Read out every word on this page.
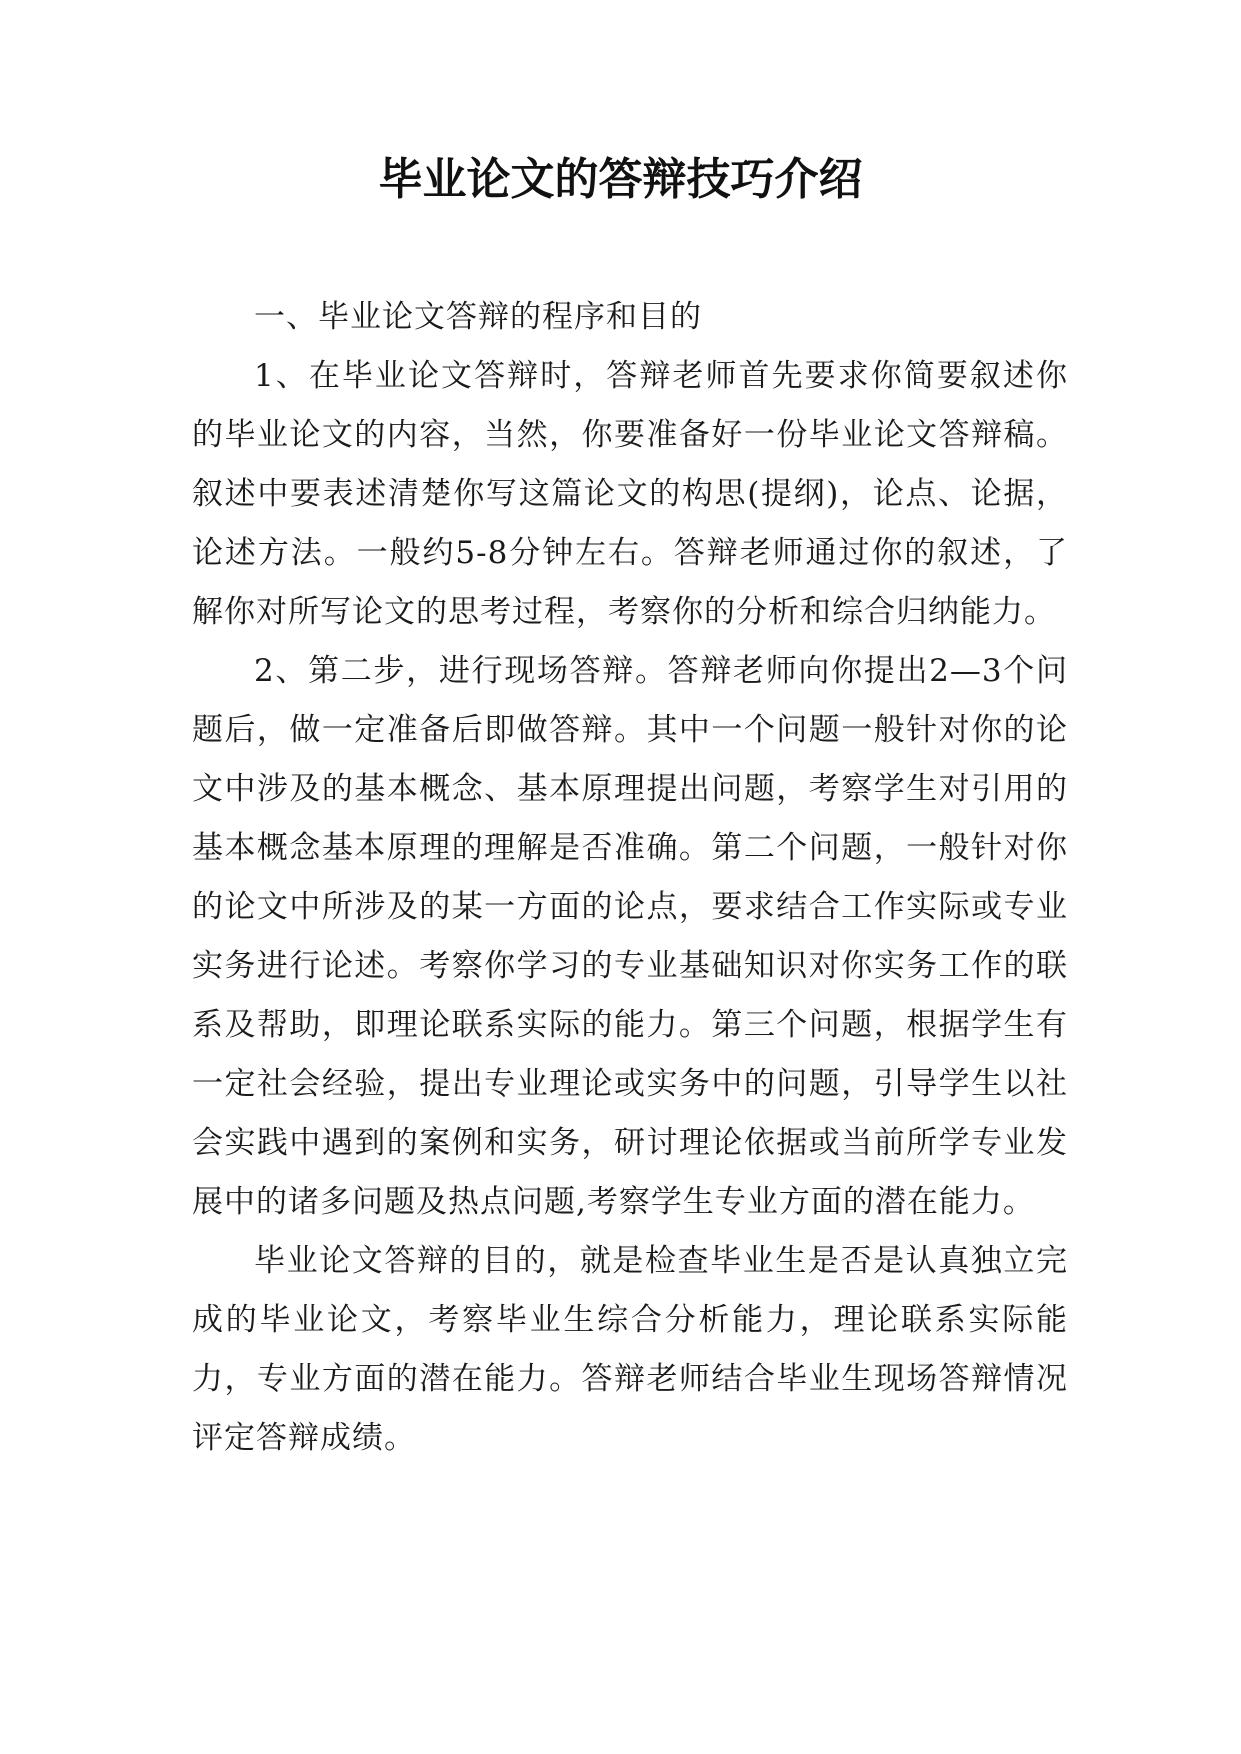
毕业论文的答辩技巧介绍

一、毕业论文答辩的程序和目的

1、在毕业论文答辩时，答辩老师首先要求你简要叙述你的毕业论文的内容，当然，你要准备好一份毕业论文答辩稿。叙述中要表述清楚你写这篇论文的构思(提纲)，论点、论据，论述方法。一般约5-8分钟左右。答辩老师通过你的叙述，了解你对所写论文的思考过程，考察你的分析和综合归纳能力。

2、第二步，进行现场答辩。答辩老师向你提出2—3个问题后，做一定准备后即做答辩。其中一个问题一般针对你的论文中涉及的基本概念、基本原理提出问题，考察学生对引用的基本概念基本原理的理解是否准确。第二个问题，一般针对你的论文中所涉及的某一方面的论点，要求结合工作实际或专业实务进行论述。考察你学习的专业基础知识对你实务工作的联系及帮助，即理论联系实际的能力。第三个问题，根据学生有一定社会经验，提出专业理论或实务中的问题，引导学生以社会实践中遇到的案例和实务，研讨理论依据或当前所学专业发展中的诸多问题及热点问题,考察学生专业方面的潜在能力。

毕业论文答辩的目的，就是检查毕业生是否是认真独立完成的毕业论文，考察毕业生综合分析能力，理论联系实际能力，专业方面的潜在能力。答辩老师结合毕业生现场答辩情况评定答辩成绩。
